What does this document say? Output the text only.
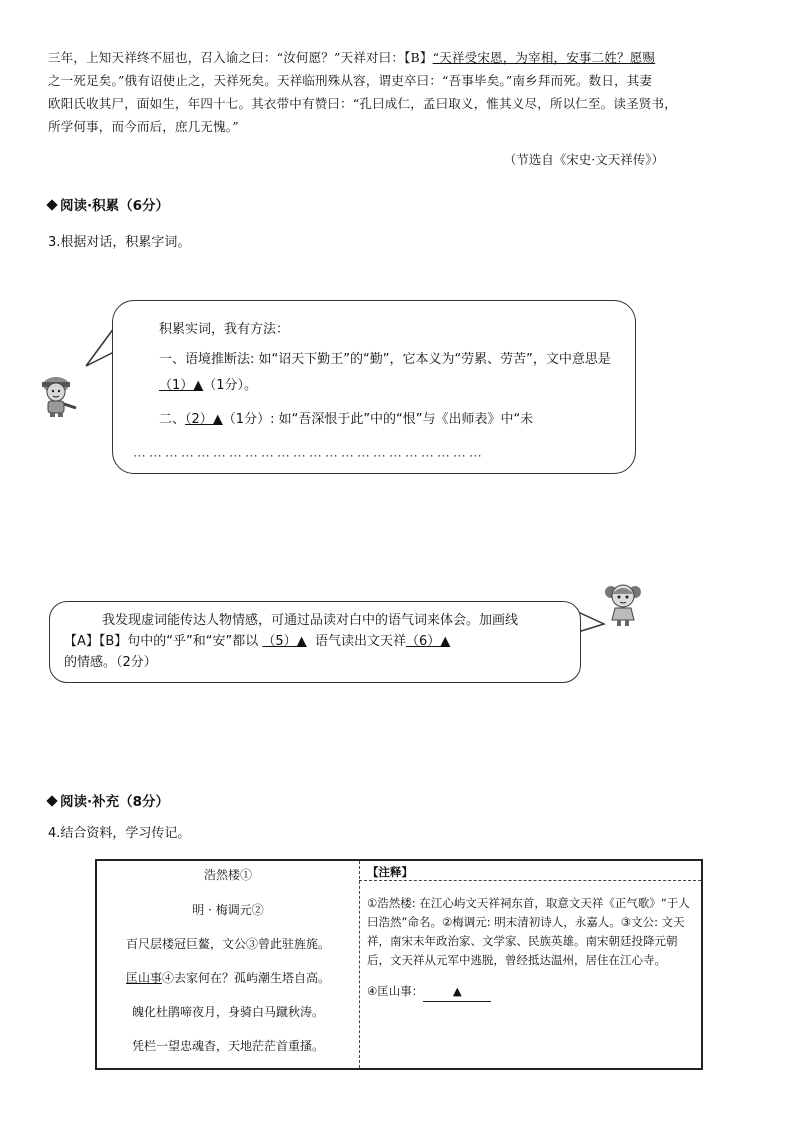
三年，上知天祥终不屈也，召入谕之曰：“汝何愿？”天祥对曰：【B】“天祥受宋恩，为宰相，安事二姓？愿赐
之一死足矣。”俄有诏使止之，天祥死矣。天祥临刑殊从容，谓吏卒曰：“吾事毕矣。”南乡拜而死。数日，其妻
欧阳氏收其尸，面如生，年四十七。其衣带中有赞曰：“孔曰成仁，孟曰取义，惟其义尽，所以仁至。读圣贤书，
所学何事，而今而后，庶几无愧。”
（节选自《宋史·文天祥传》）
阅读·积累（6分）
3.根据对话，积累字词。
积累实词，我有方法：
一、语境推断法: 如“诏天下勤王”的“勤”，它本义为“劳累、劳苦”，文中意思是（1）▲（1分）。
二、（2）▲（1分）: 如“吾深恨于此”中的“恨”与《出师表》中“未
⋯⋯⋯⋯⋯⋯⋯⋯⋯⋯⋯⋯⋯⋯⋯⋯⋯⋯⋯⋯⋯⋯
我发现虚词能传达人物情感，可通过品读对白中的语气词来体会。加画线
【A】【B】句中的“乎”和“安”都以 （5）▲ 语气读出文天祥（6）▲
的情感。（2分）
阅读·补充（8分）
4.结合资料，学习传记。
浩然楼①
明 · 梅调元②
百尺层楼冠巨鳌，文公③曾此驻旌旄。
匡山事④去家何在？孤屿潮生塔自高。
魄化杜鹃啼夜月，身骑白马蹴秋涛。
凭栏一望忠魂杳，天地茫茫首重搔。
【注释】
①浩然楼: 在江心屿文天祥祠东首，取意文天祥《正气歌》“于人曰浩然”命名。②梅调元: 明末清初诗人，永嘉人。③文公: 文天祥，南宋末年政治家、文学家、民族英雄。南宋朝廷投降元朝后，文天祥从元军中逃脱，曾经抵达温州，居住在江心寺。
④匡山事：	▲
